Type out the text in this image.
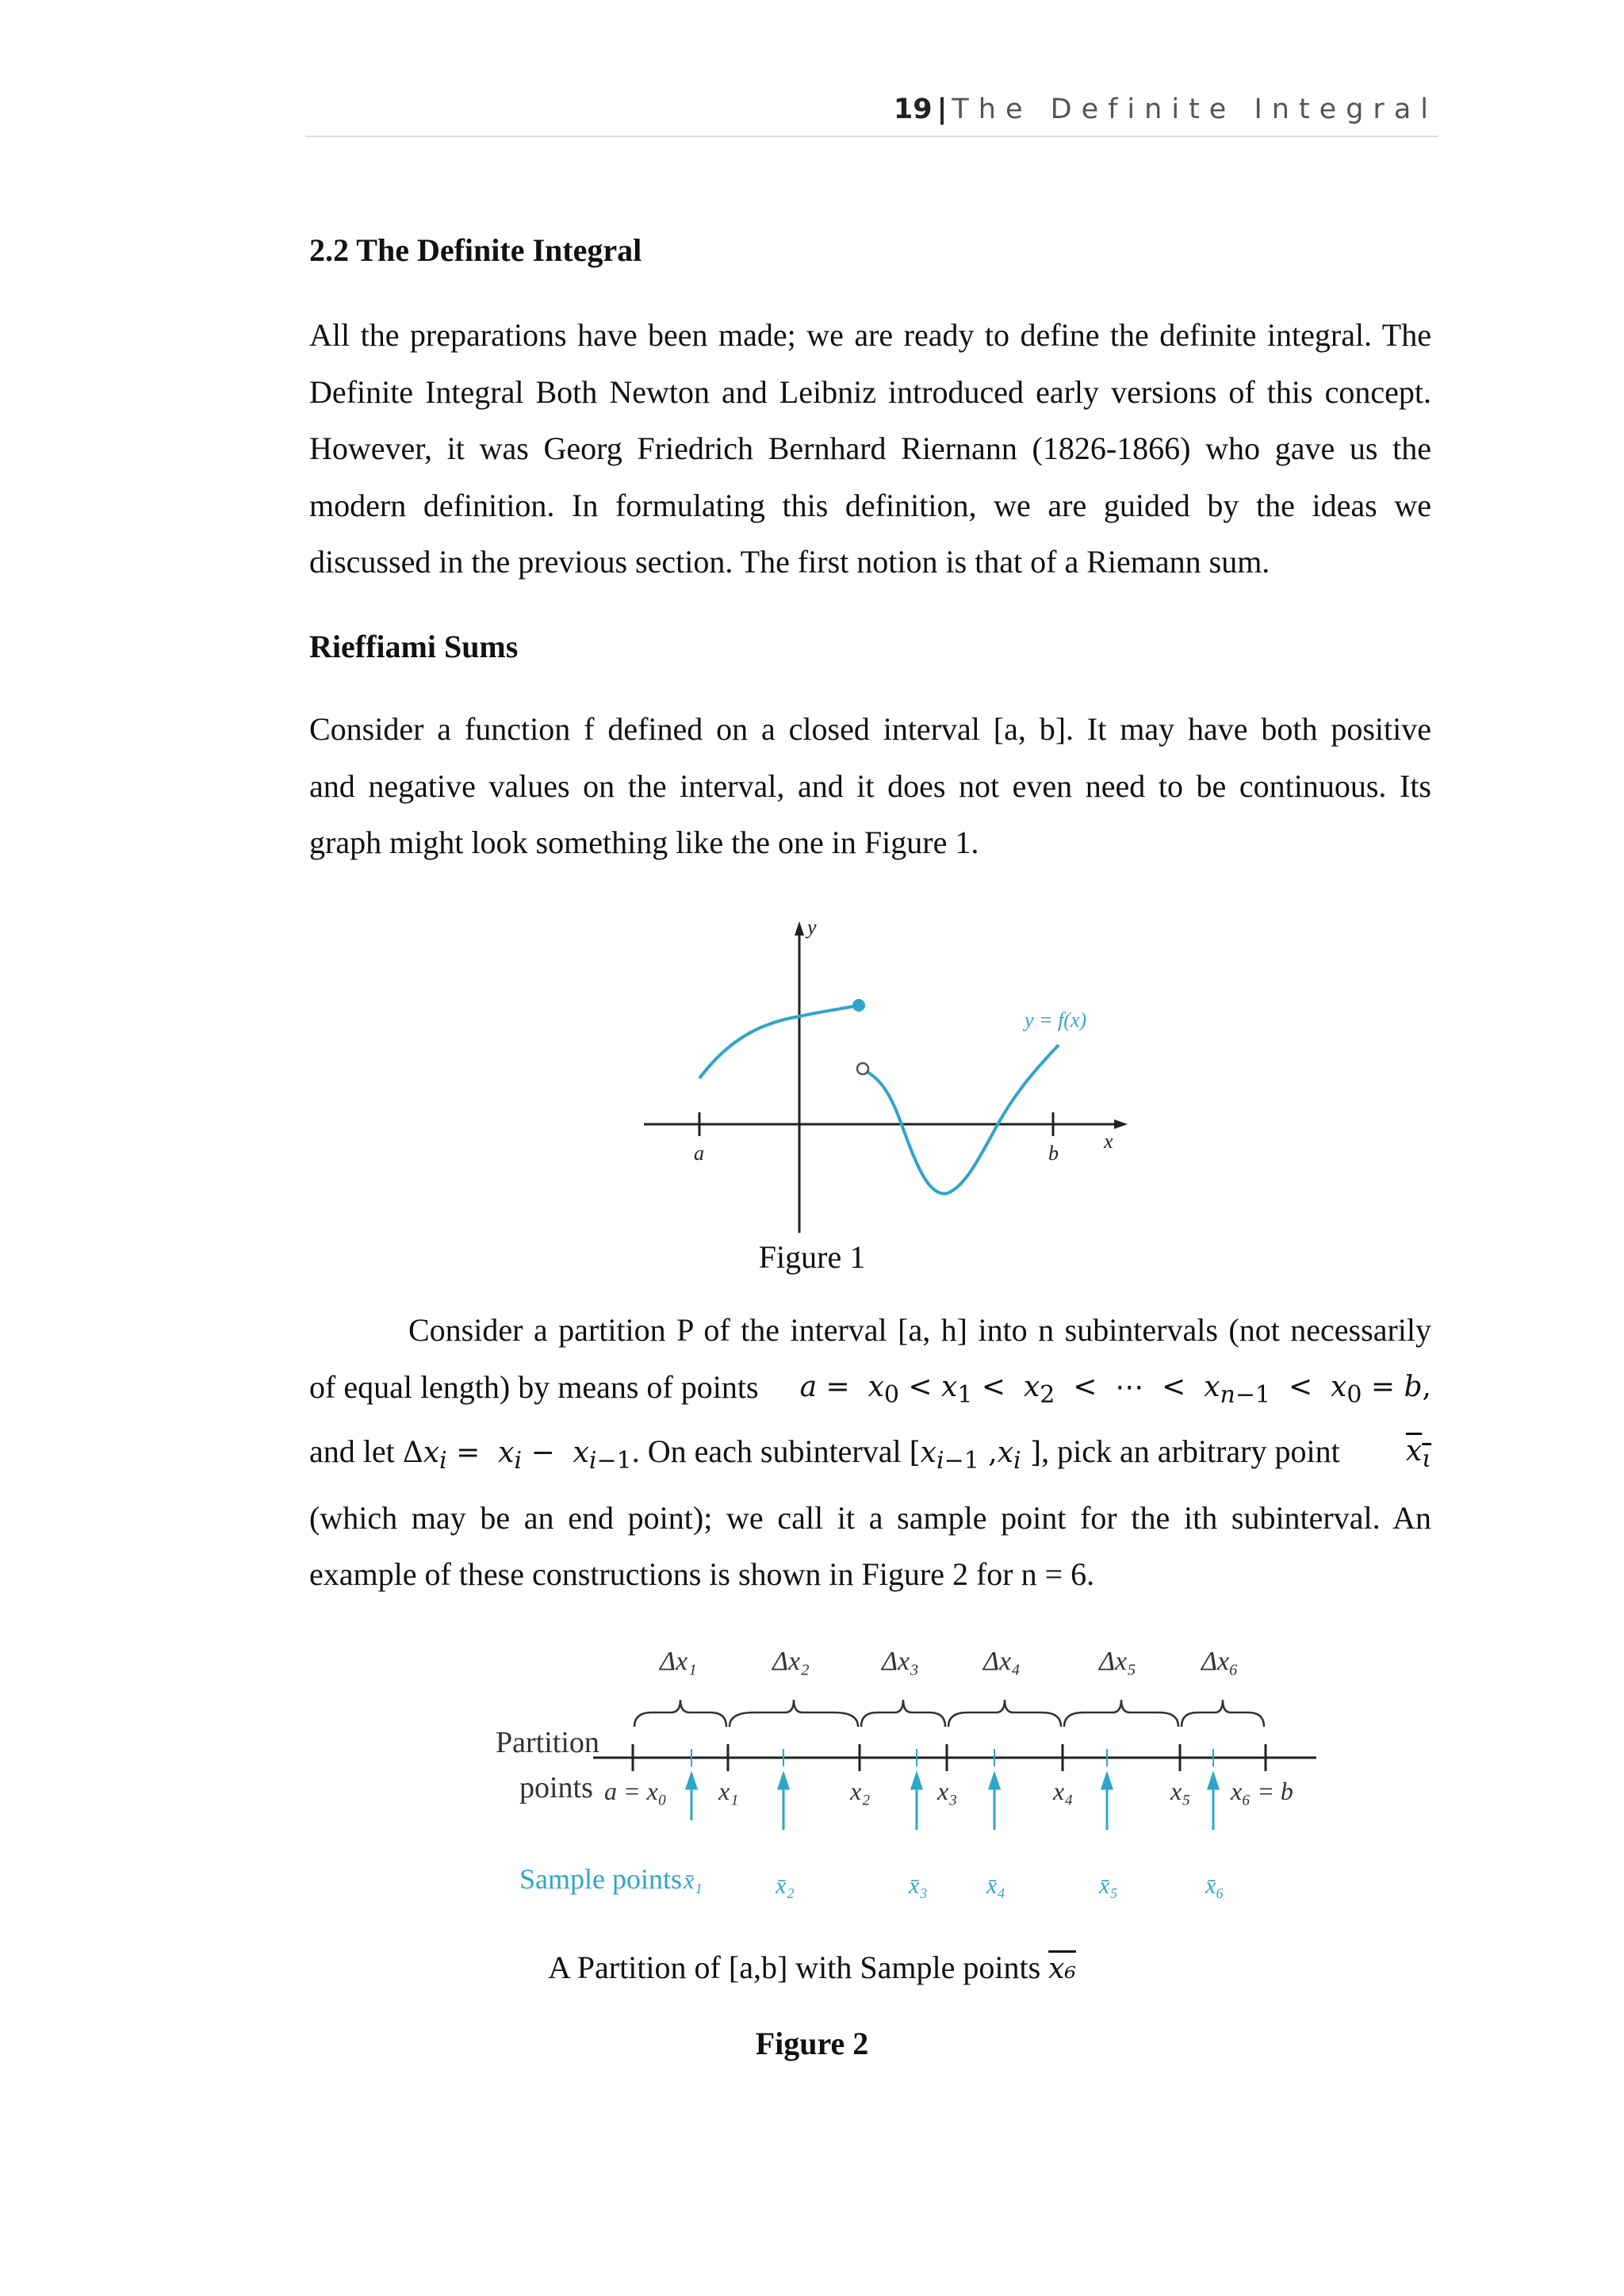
19 | The Definite Integral
2.2 The Definite Integral
All the preparations have been made; we are ready to define the definite integral. The
Definite Integral Both Newton and Leibniz introduced early versions of this concept.
However, it was Georg Friedrich Bernhard Riernann (1826-1866) who gave us the
modern definition. In formulating this definition, we are guided by the ideas we
discussed in the previous section. The first notion is that of a Riemann sum.
Rieffiami Sums
Consider a function f defined on a closed interval [a, b]. It may have both positive
and negative values on the interval, and it does not even need to be continuous. Its
graph might look something like the one in Figure 1.
y
x
y = f(x)
a	b
Figure 1
Consider a partition P of the interval [a, h] into n subintervals (not necessarily
of equal length) by means of points $a = x_0 < x_1 < x_2$  <  ⋯  <  $x_{n-1} < x_0 = b$,
and let $\Delta x_i = x_i - x_{i-1}$. On each subinterval [$x_{i-1}$ $,x_i$ ], pick an arbitrary point $x_\iota$
(which may be an end point); we call it a sample point for the ith subinterval. An
example of these constructions is shown in Figure 2 for n = 6.
Partition
points
Sample points
Δx₁	Δx₂	Δx₃ Δx₄	Δx₅ Δx₆
a = x₀ x₁	x₂	x₃	x₄	x₅ x₆ = b
x̄₁	x̄₂	x̄₃ x̄₄	x̄₅	x̄₆
A Partition of [a,b] with Sample points x₆
Figure 2
